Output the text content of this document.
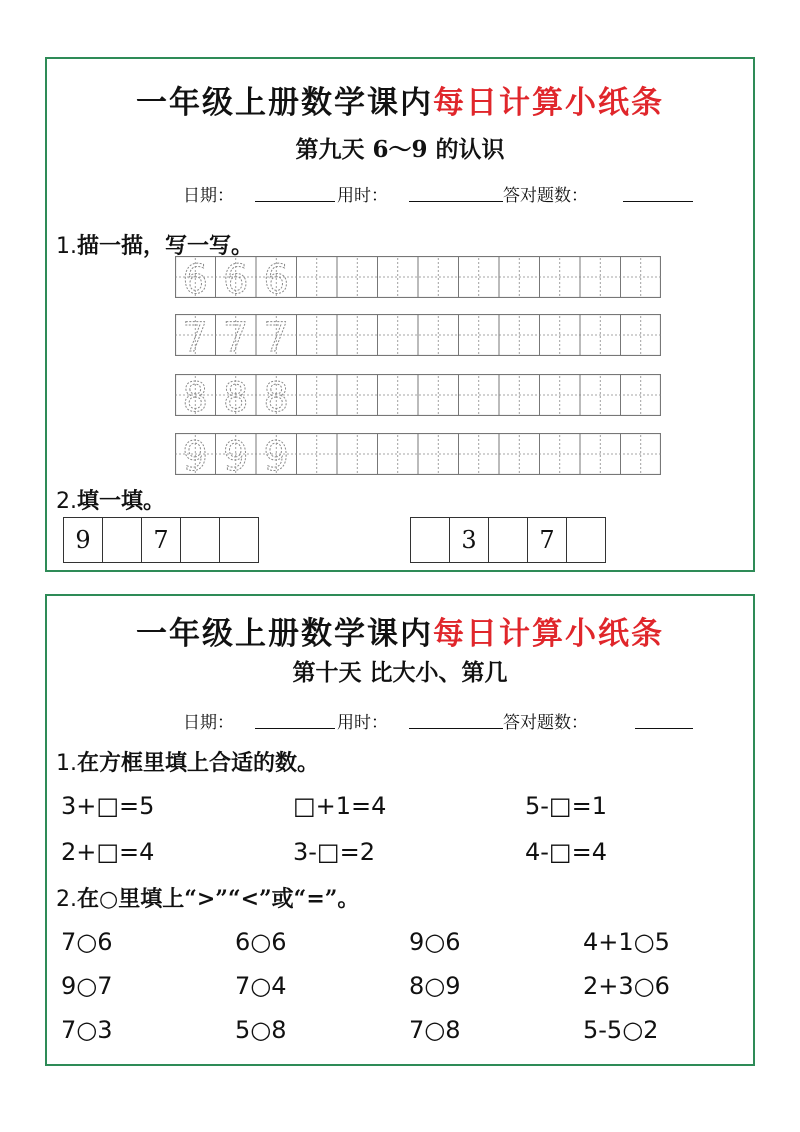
一年级上册数学课内每日计算小纸条
第九天 6～9 的认识
日期：	用时：	答对题数：
1.描一描，写一写。
6 6 6
7 7 7
8 8 8
9 9 9
2.填一填。
9	7	3	7
一年级上册数学课内每日计算小纸条
第十天 比大小、第几
日期：	用时：	答对题数：
1.在方框里填上合适的数。
3+□=5	□+1=4	5-□=1
2+□=4	3-□=2	4-□=4
2.在○里填上“>”“<”或“=”。
7○6	6○6	9○6	4+1○5
9○7	7○4	8○9	2+3○6
7○3	5○8	7○8	5-5○2
